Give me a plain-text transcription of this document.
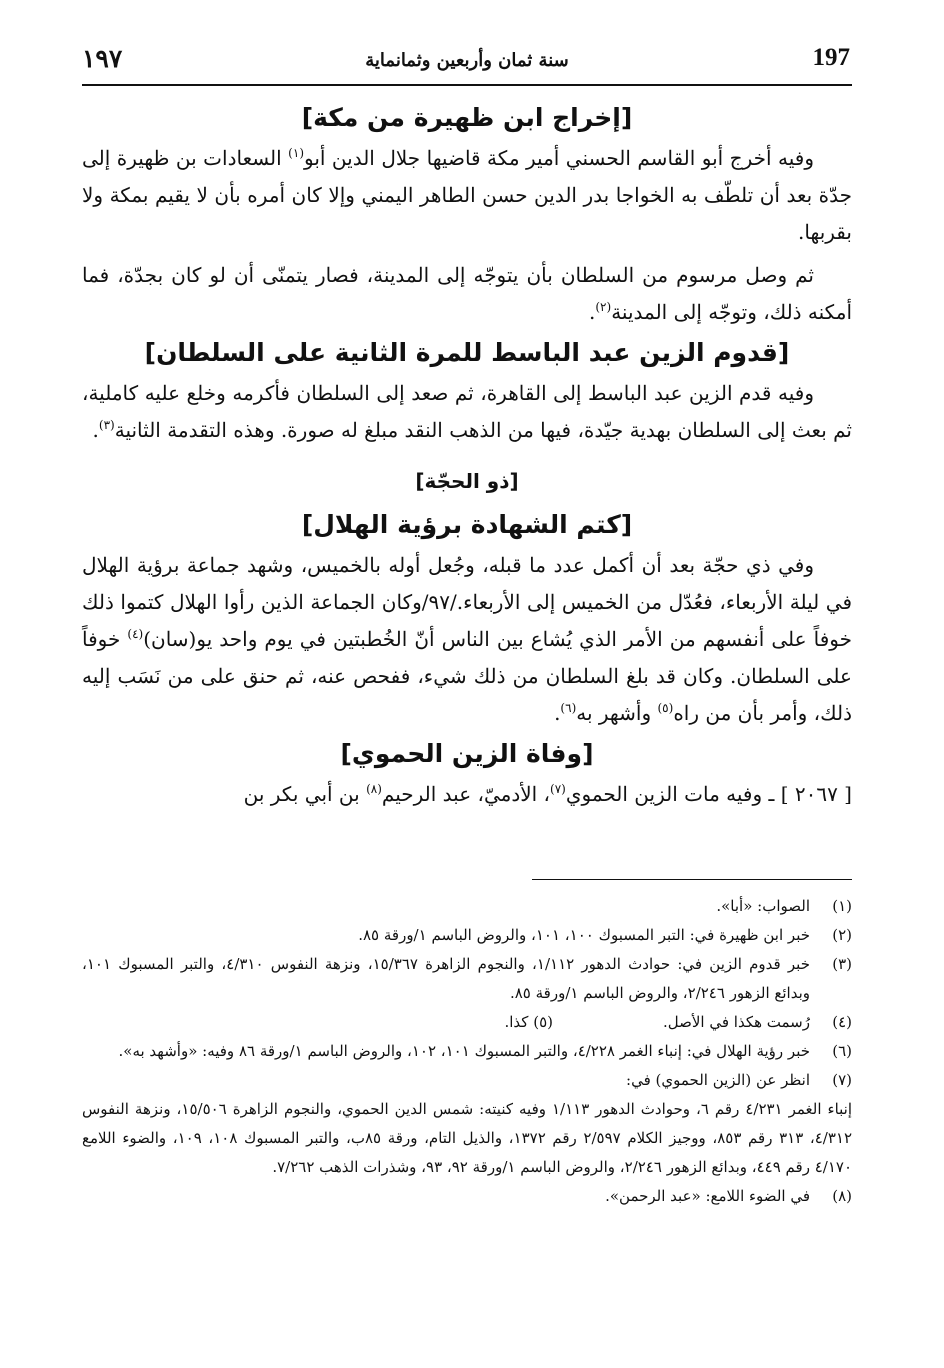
١٩٧	سنة ثمان وأربعين وثمانماية	197
[إخراج ابن ظهيرة من مكة]

وفيه أخرج أبو القاسم الحسني أمير مكة قاضيها جلال الدين أبو$^{(١)}$ السعادات بن ظهيرة إلى جدّة بعد أن تلطّف به الخواجا بدر الدين حسن الطاهر اليمني وإلا كان أمره بأن لا يقيم بمكة ولا بقربها.

ثم وصل مرسوم من السلطان بأن يتوجّه إلى المدينة، فصار يتمنّى أن لو كان بجدّة، فما أمكنه ذلك، وتوجّه إلى المدينة$^{(٢)}$.

[قدوم الزين عبد الباسط للمرة الثانية على السلطان]

وفيه قدم الزين عبد الباسط إلى القاهرة، ثم صعد إلى السلطان فأكرمه وخلع عليه كاملية، ثم بعث إلى السلطان بهدية جيّدة، فيها من الذهب النقد مبلغ له صورة. وهذه التقدمة الثانية$^{(٣)}$.

[ذو الحجّة]
[كتم الشهادة برؤية الهلال]

وفي ذي حجّة بعد أن أكمل عدد ما قبله، وجُعل أوله بالخميس، وشهد جماعة برؤية الهلال في ليلة الأربعاء، فعُدّل من الخميس إلى الأربعاء./٩٧/وكان الجماعة الذين رأوا الهلال كتموا ذلك خوفاً على أنفسهم من الأمر الذي يُشاع بين الناس أنّ الخُطبتين في يوم واحد يو(سان)$^{(٤)}$ خوفاً على السلطان. وكان قد بلغ السلطان من ذلك شيء، ففحص عنه، ثم حنق على من نَسَب إليه ذلك، وأمر بأن من راه$^{(٥)}$ وأشهر به$^{(٦)}$.

[وفاة الزين الحموي]

[ ٢٠٦٧ ] ـ وفيه مات الزين الحموي$^{(٧)}$، الأدميّ، عبد الرحيم$^{(٨)}$ بن أبي بكر بن

(١)
الصواب: «أبا».
(٢)
خبر ابن ظهيرة في: التبر المسبوك ١٠٠، ١٠١، والروض الباسم ١/ورقة ٨٥.
(٣)
خبر قدوم الزين في: حوادث الدهور ١/١١٢، والنجوم الزاهرة ١٥/٣٦٧، ونزهة النفوس ٤/٣١٠، والتبر المسبوك ١٠١، وبدائع الزهور ٢/٢٤٦، والروض الباسم ١/ورقة ٨٥.
(٤)
رُسمت هكذا في الأصل.(٥) كذا.
(٦)
خبر رؤية الهلال في: إنباء الغمر ٤/٢٢٨، والتبر المسبوك ١٠١، ١٠٢، والروض الباسم ١/ورقة ٨٦ وفيه: «وأشهد به».
(٧)
انظر عن (الزين الحموي) في:
إنباء الغمر ٤/٢٣١ رقم ٦، وحوادث الدهور ١/١١٣ وفيه كنيته: شمس الدين الحموي، والنجوم الزاهرة ١٥/٥٠٦، ونزهة النفوس ٤/٣١٢، ٣١٣ رقم ٨٥٣، ووجيز الكلام ٢/٥٩٧ رقم ١٣٧٢، والذيل التام، ورقة ٨٥ب، والتبر المسبوك ١٠٨، ١٠٩، والضوء اللامع ٤/١٧٠ رقم ٤٤٩، وبدائع الزهور ٢/٢٤٦، والروض الباسم ١/ورقة ٩٢، ٩٣، وشذرات الذهب ٧/٢٦٢.
(٨)
في الضوء اللامع: «عبد الرحمن».
